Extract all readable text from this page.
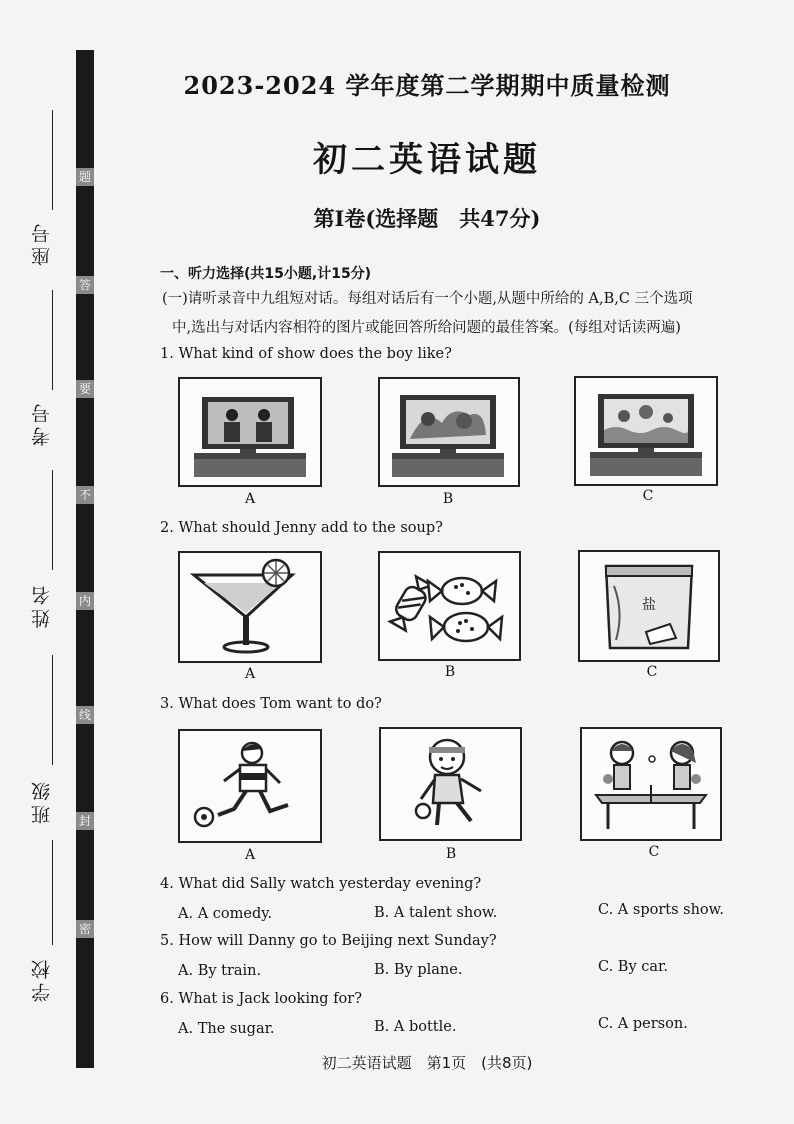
题
答
要
不
内
线
封
密
座号
考号
姓名
班级
学校
2023-2024 学年度第二学期期中质量检测
初二英语试题
第Ⅰ卷(选择题　共47分)
一、听力选择(共15小题,计15分)
(一)请听录音中九组短对话。每组对话后有一个小题,从题中所给的 A,B,C 三个选项
中,选出与对话内容相符的图片或能回答所给问题的最佳答案。(每组对话读两遍)
1. What kind of show does the boy like?
A	B	C
2. What should Jenny add to the soup?
盐
A	B	C
3. What does Tom want to do?
A	B	C
4. What did Sally watch yesterday evening?
A. A comedy.	B. A talent show.	C. A sports show.
5. How will Danny go to Beijing next Sunday?
A. By train.	B. By plane.	C. By car.
6. What is Jack looking for?
A. The sugar.	B. A bottle.	C. A person.
初二英语试题　第1页　(共8页)
